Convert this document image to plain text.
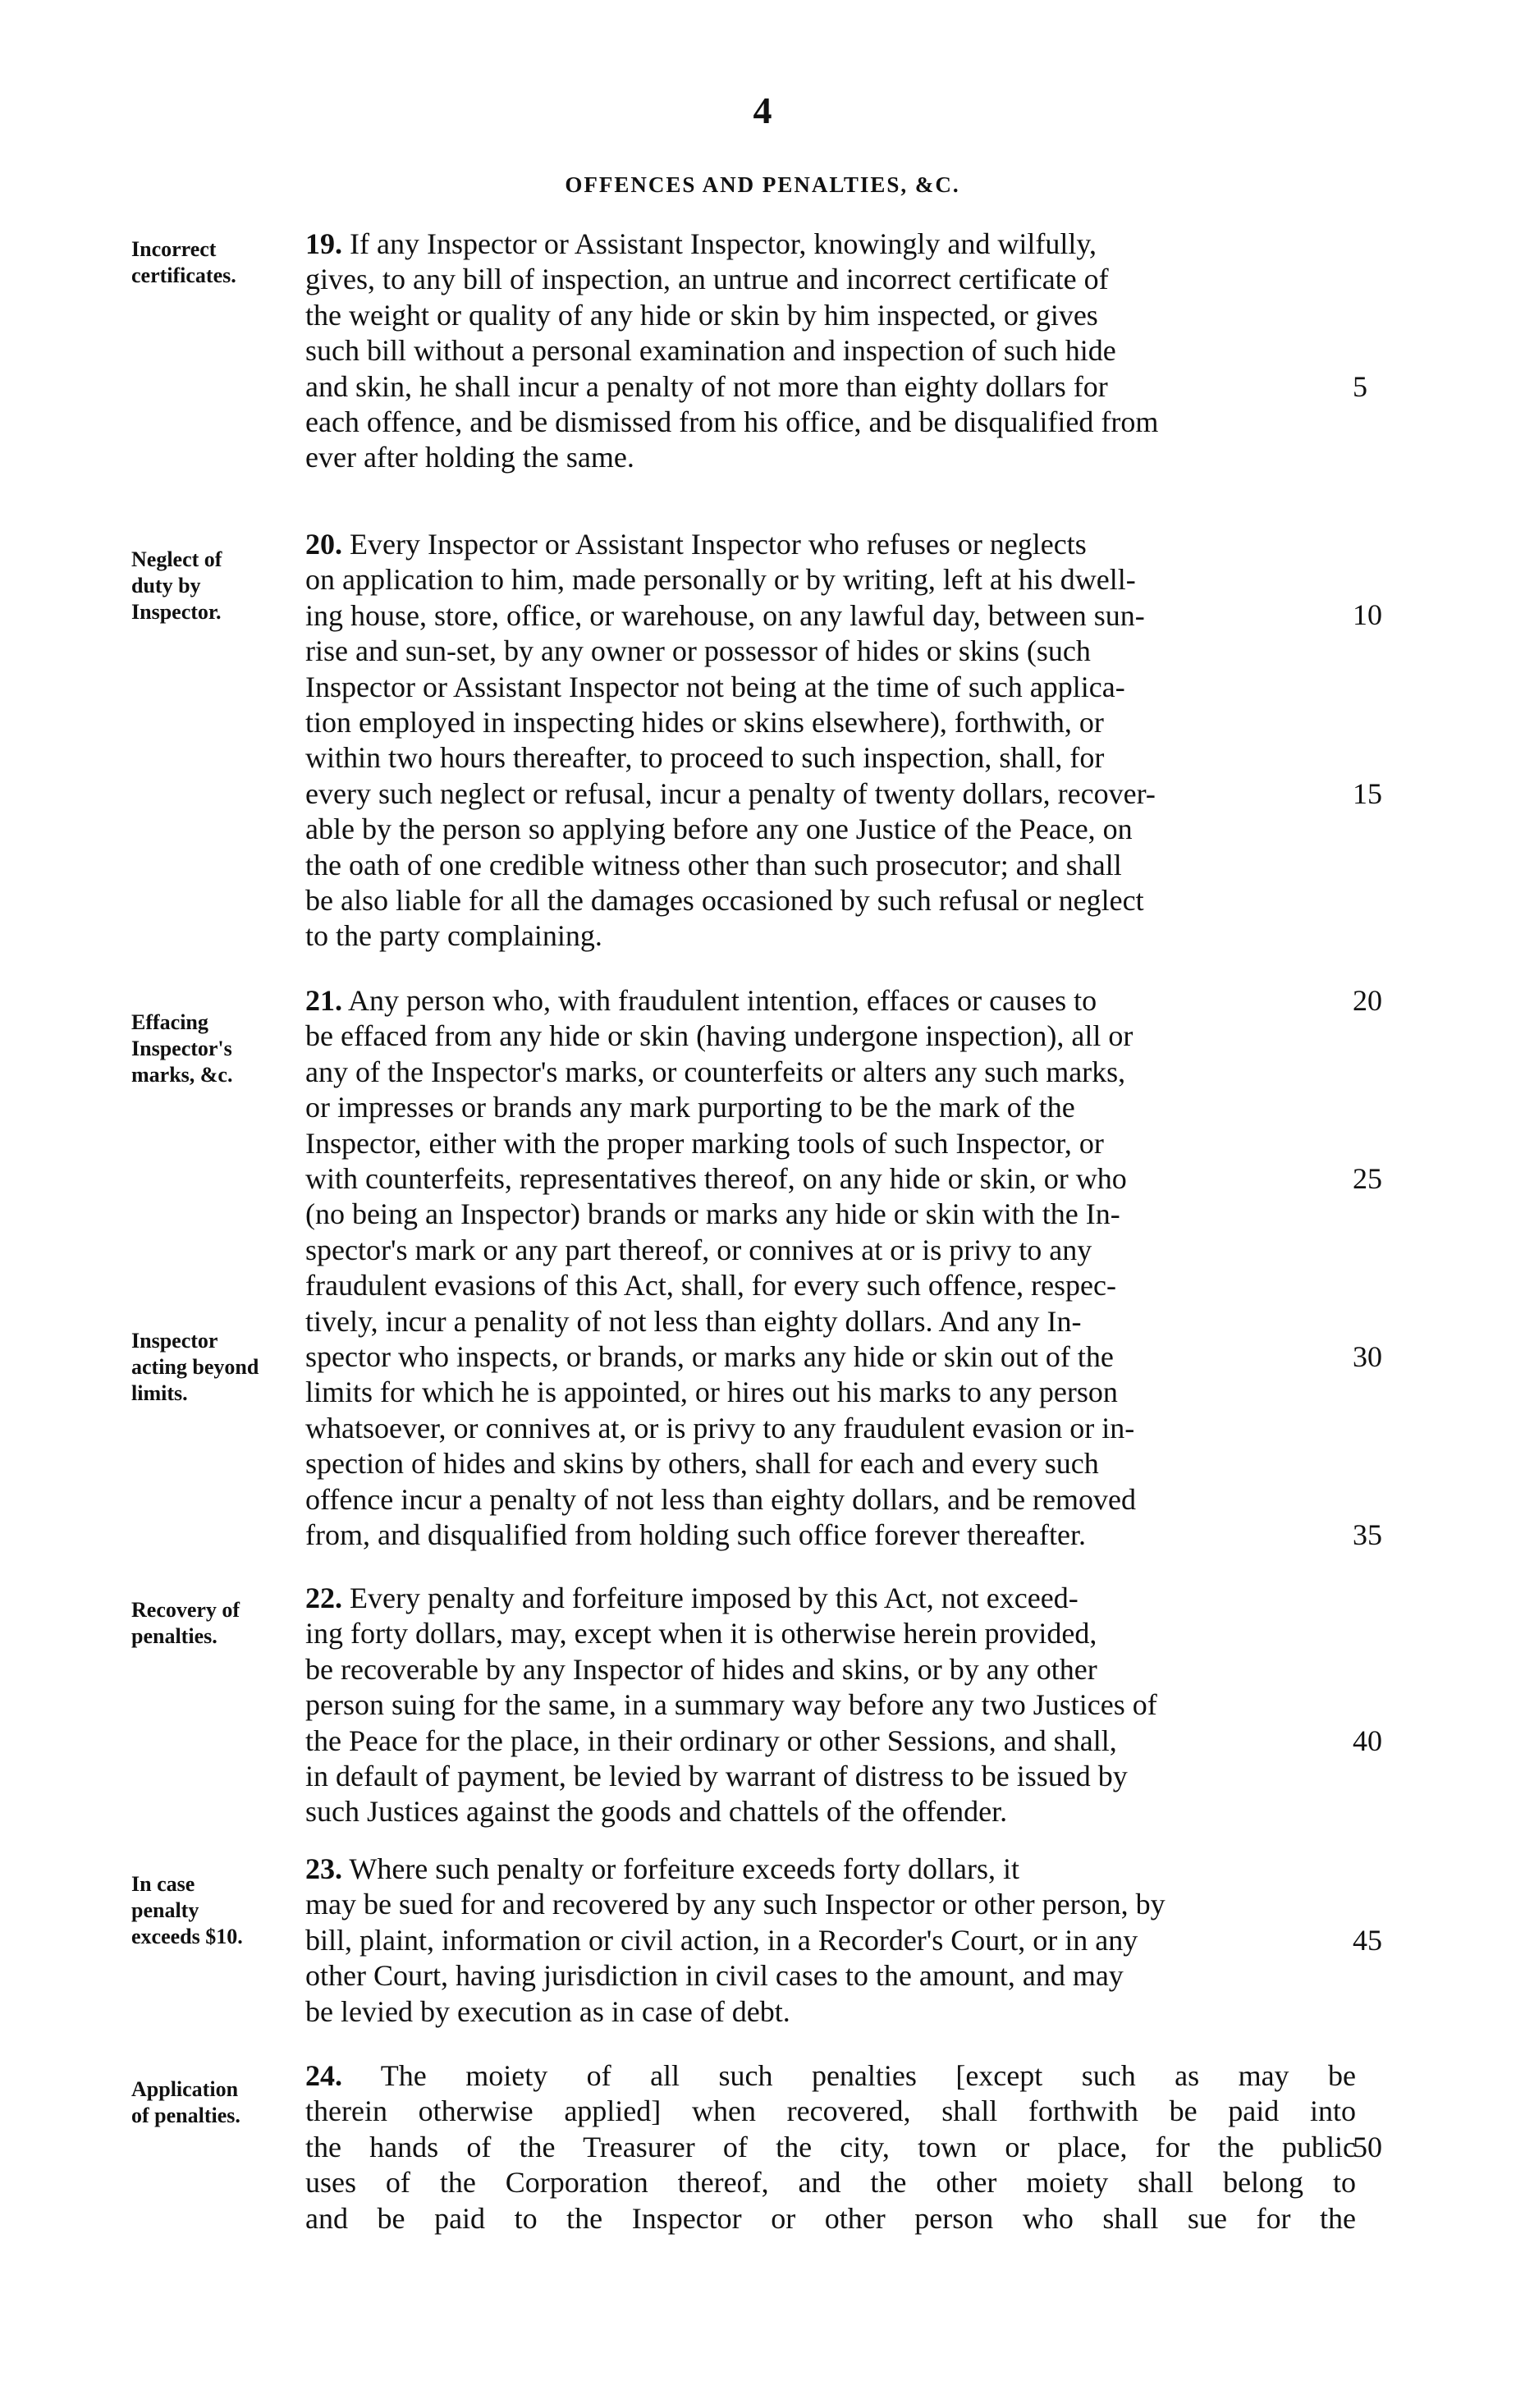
4
OFFENCES AND PENALTIES, &C.
Incorrect
certificates.
19. If any Inspector or Assistant Inspector, knowingly and wilfully,
gives, to any bill of inspection, an untrue and incorrect certificate of
the weight or quality of any hide or skin by him inspected, or gives
such bill without a personal examination and inspection of such hide
and skin, he shall incur a penalty of not more than eighty dollars for
each offence, and be dismissed from his office, and be disqualified from
ever after holding the same.
Neglect of
duty by
Inspector.
20. Every Inspector or Assistant Inspector who refuses or neglects
on application to him, made personally or by writing, left at his dwell-
ing house, store, office, or warehouse, on any lawful day, between sun-
rise and sun-set, by any owner or possessor of hides or skins (such
Inspector or Assistant Inspector not being at the time of such applica-
tion employed in inspecting hides or skins elsewhere), forthwith, or
within two hours thereafter, to proceed to such inspection, shall, for
every such neglect or refusal, incur a penalty of twenty dollars, recover-
able by the person so applying before any one Justice of the Peace, on
the oath of one credible witness other than such prosecutor; and shall
be also liable for all the damages occasioned by such refusal or neglect
to the party complaining.
Effacing
Inspector's
marks, &c.
Inspector
acting beyond
limits.
21. Any person who, with fraudulent intention, effaces or causes to
be effaced from any hide or skin (having undergone inspection), all or
any of the Inspector's marks, or counterfeits or alters any such marks,
or impresses or brands any mark purporting to be the mark of the
Inspector, either with the proper marking tools of such Inspector, or
with counterfeits, representatives thereof, on any hide or skin, or who
(no being an Inspector) brands or marks any hide or skin with the In-
spector's mark or any part thereof, or connives at or is privy to any
fraudulent evasions of this Act, shall, for every such offence, respec-
tively, incur a penality of not less than eighty dollars. And any In-
spector who inspects, or brands, or marks any hide or skin out of the
limits for which he is appointed, or hires out his marks to any person
whatsoever, or connives at, or is privy to any fraudulent evasion or in-
spection of hides and skins by others, shall for each and every such
offence incur a penalty of not less than eighty dollars, and be removed
from, and disqualified from holding such office forever thereafter.
Recovery of
penalties.
22. Every penalty and forfeiture imposed by this Act, not exceed-
ing forty dollars, may, except when it is otherwise herein provided,
be recoverable by any Inspector of hides and skins, or by any other
person suing for the same, in a summary way before any two Justices of
the Peace for the place, in their ordinary or other Sessions, and shall,
in default of payment, be levied by warrant of distress to be issued by
such Justices against the goods and chattels of the offender.
In case
penalty
exceeds $10.
23. Where such penalty or forfeiture exceeds forty dollars, it
may be sued for and recovered by any such Inspector or other person, by
bill, plaint, information or civil action, in a Recorder's Court, or in any
other Court, having jurisdiction in civil cases to the amount, and may
be levied by execution as in case of debt.
Application
of penalties.
24. The moiety of all such penalties [except such as may be
therein otherwise applied] when recovered, shall forthwith be paid into
the hands of the Treasurer of the city, town or place, for the public
uses of the Corporation thereof, and the other moiety shall belong to
and be paid to the Inspector or other person who shall sue for the
5
10
15
20
25
30
35
40
45
50
